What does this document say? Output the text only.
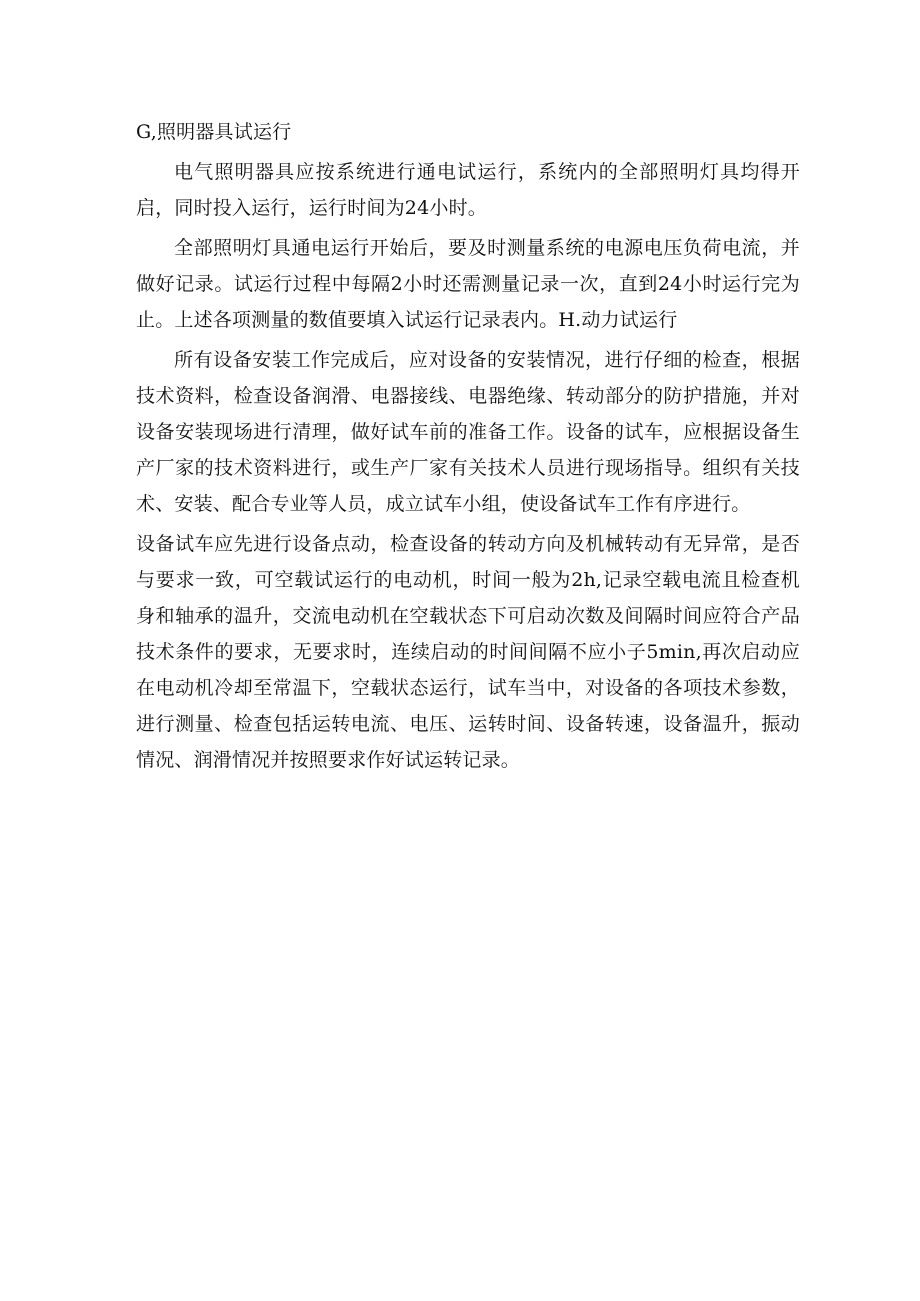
G,照明器具试运行

电气照明器具应按系统进行通电试运行，系统内的全部照明灯具均得开启，同时投入运行，运行时间为24小时。

全部照明灯具通电运行开始后，要及时测量系统的电源电压负荷电流，并做好记录。试运行过程中每隔2小时还需测量记录一次，直到24小时运行完为止。上述各项测量的数值要填入试运行记录表内。H.动力试运行

所有设备安装工作完成后，应对设备的安装情况，进行仔细的检查，根据技术资料，检查设备润滑、电器接线、电器绝缘、转动部分的防护措施，并对设备安装现场进行清理，做好试车前的准备工作。设备的试车，应根据设备生产厂家的技术资料进行，或生产厂家有关技术人员进行现场指导。组织有关技术、安装、配合专业等人员，成立试车小组，使设备试车工作有序进行。

设备试车应先进行设备点动，检查设备的转动方向及机械转动有无异常，是否与要求一致，可空载试运行的电动机，时间一般为2h,记录空载电流且检查机身和轴承的温升，交流电动机在空载状态下可启动次数及间隔时间应符合产品技术条件的要求，无要求时，连续启动的时间间隔不应小子5min,再次启动应在电动机冷却至常温下，空载状态运行，试车当中，对设备的各项技术参数，进行测量、检查包括运转电流、电压、运转时间、设备转速，设备温升，振动情况、润滑情况并按照要求作好试运转记录。
